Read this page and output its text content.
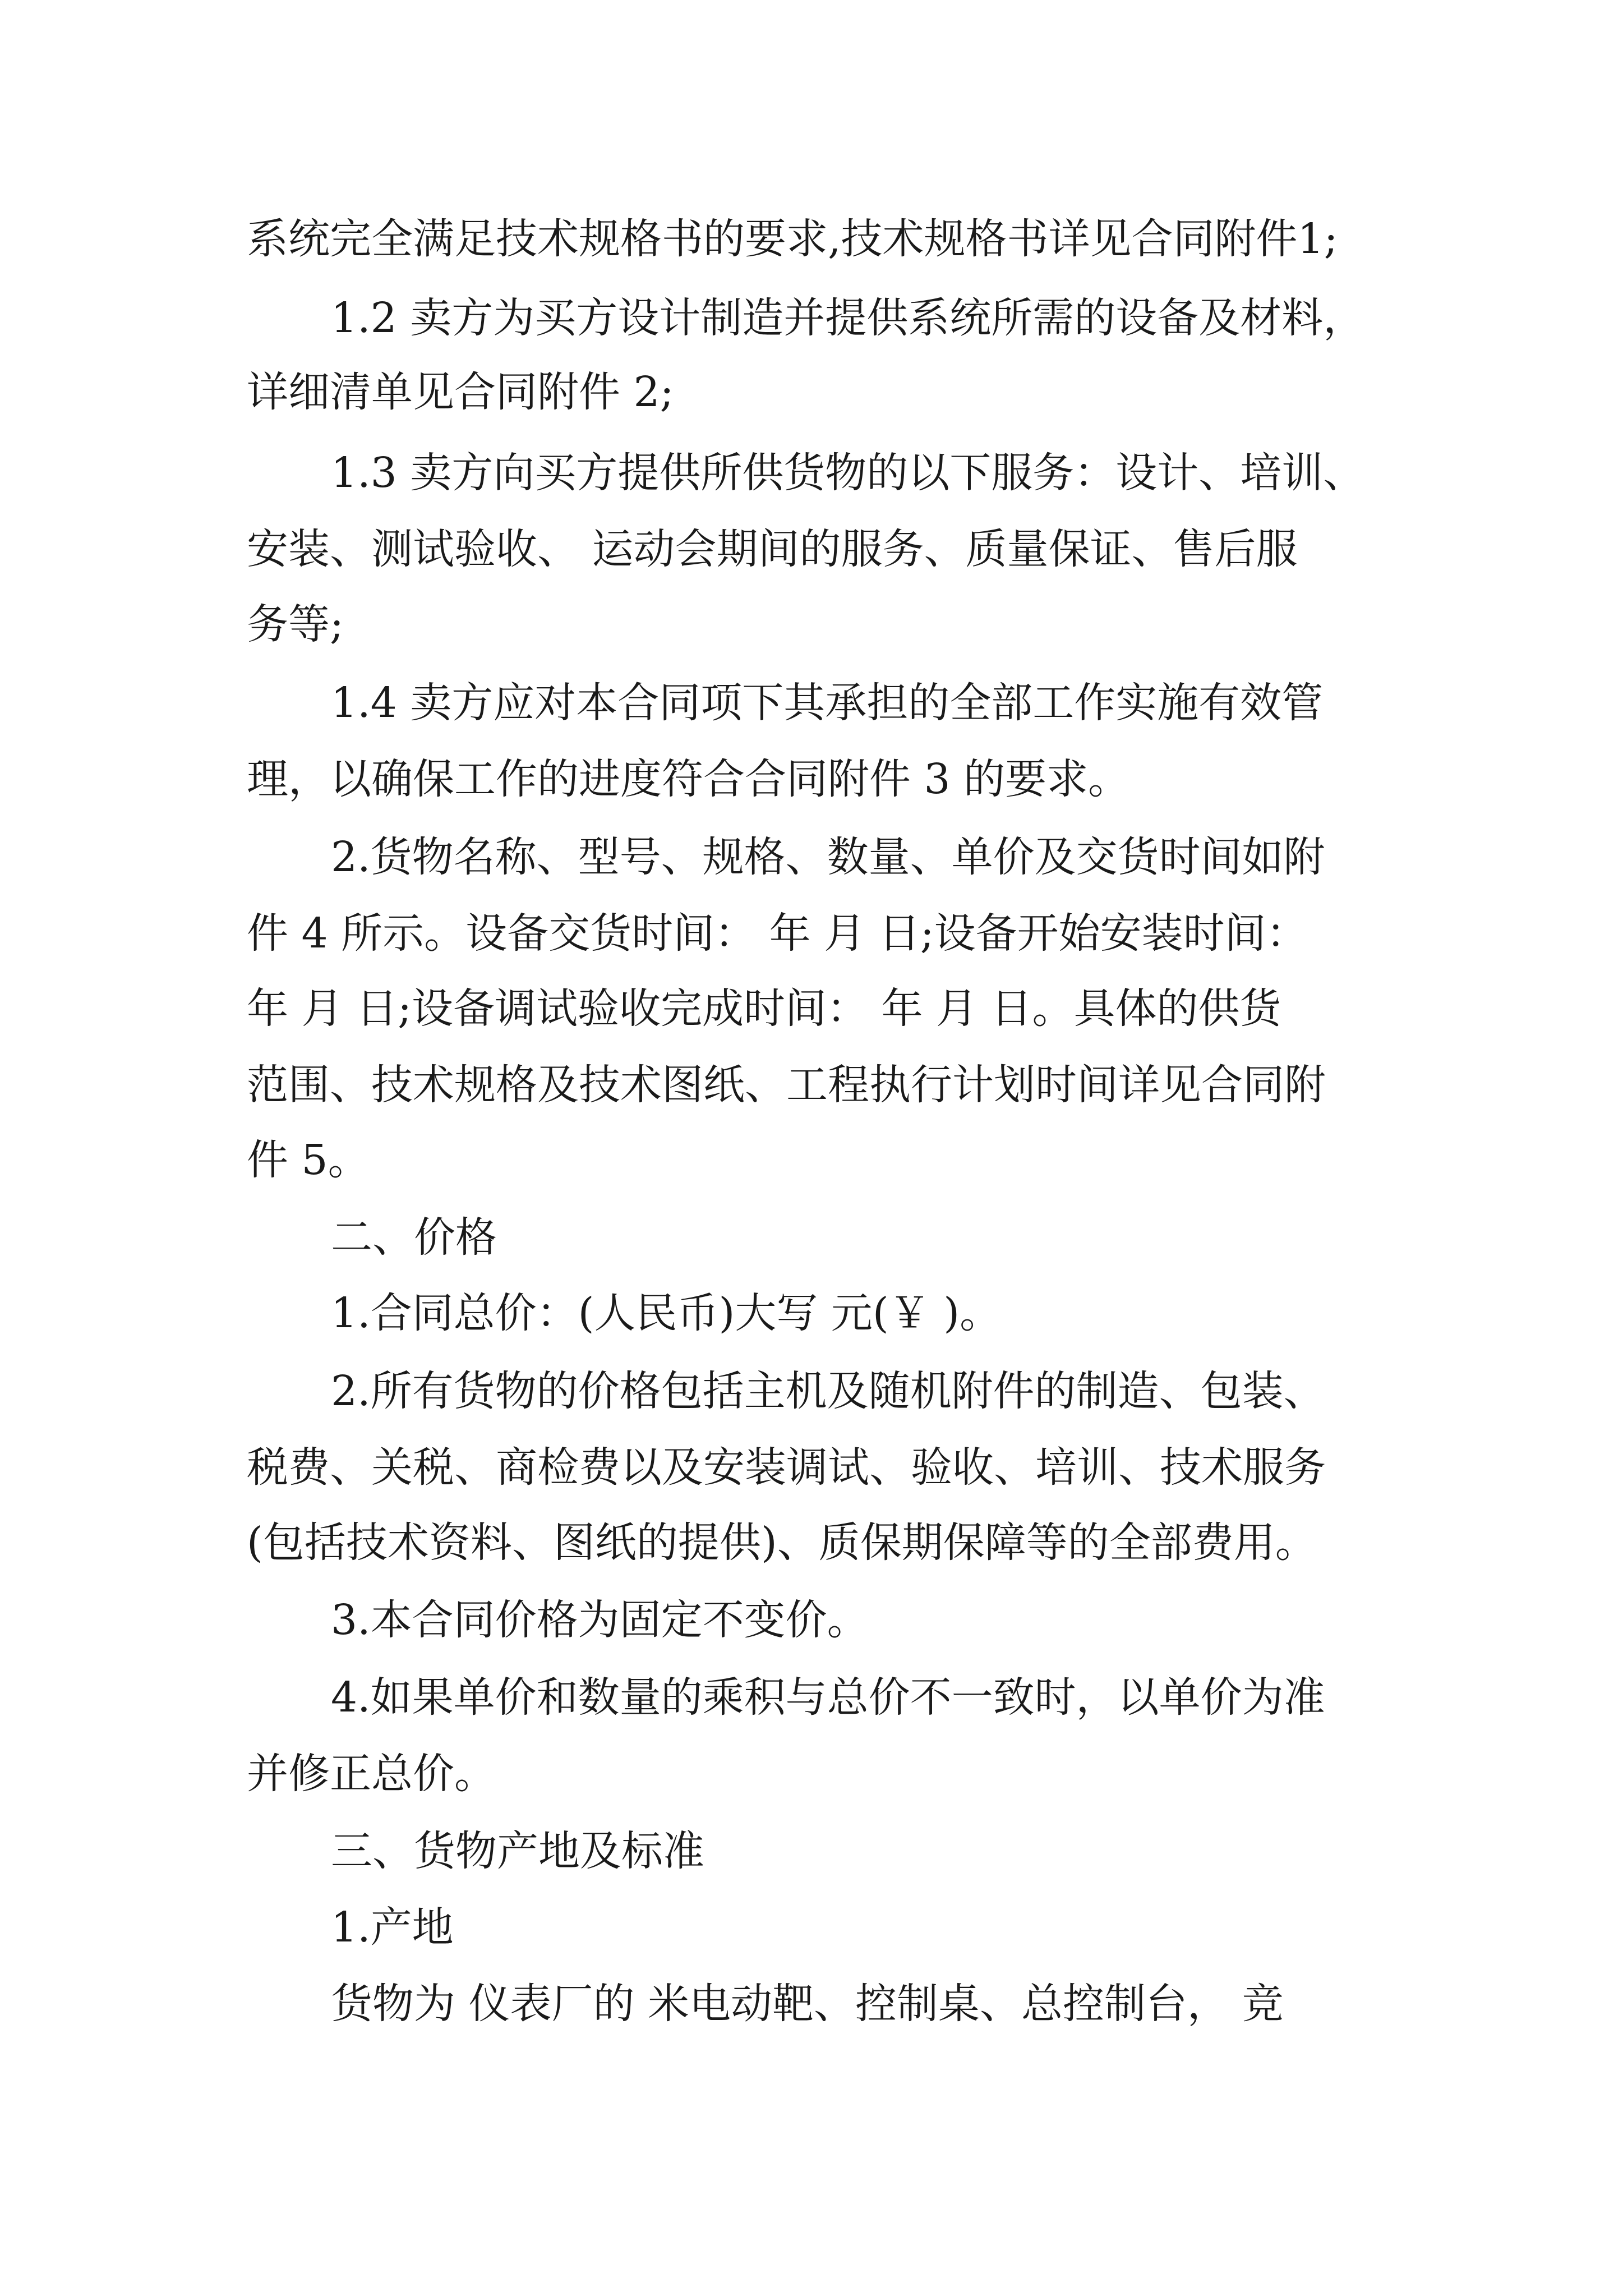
系统完全满足技术规格书的要求,技术规格书详见合同附件1;
1.2 卖方为买方设计制造并提供系统所需的设备及材料，
详细清单见合同附件 2;
1.3 卖方向买方提供所供货物的以下服务：设计、培训、
安装、测试验收、 运动会期间的服务、质量保证、售后服
务等;
1.4 卖方应对本合同项下其承担的全部工作实施有效管
理，以确保工作的进度符合合同附件 3 的要求。
2.货物名称、型号、规格、数量、单价及交货时间如附
件 4 所示。设备交货时间： 年 月 日;设备开始安装时间：
年 月 日;设备调试验收完成时间： 年 月 日。具体的供货
范围、技术规格及技术图纸、工程执行计划时间详见合同附
件 5。
二、价格
1.合同总价：(人民币)大写 元(￥ )。
2.所有货物的价格包括主机及随机附件的制造、包装、
税费、关税、商检费以及安装调试、验收、培训、技术服务
(包括技术资料、图纸的提供)、质保期保障等的全部费用。
3.本合同价格为固定不变价。
4.如果单价和数量的乘积与总价不一致时，以单价为准
并修正总价。
三、货物产地及标准
1.产地
货物为 仪表厂的 米电动靶、控制桌、总控制台， 竞
